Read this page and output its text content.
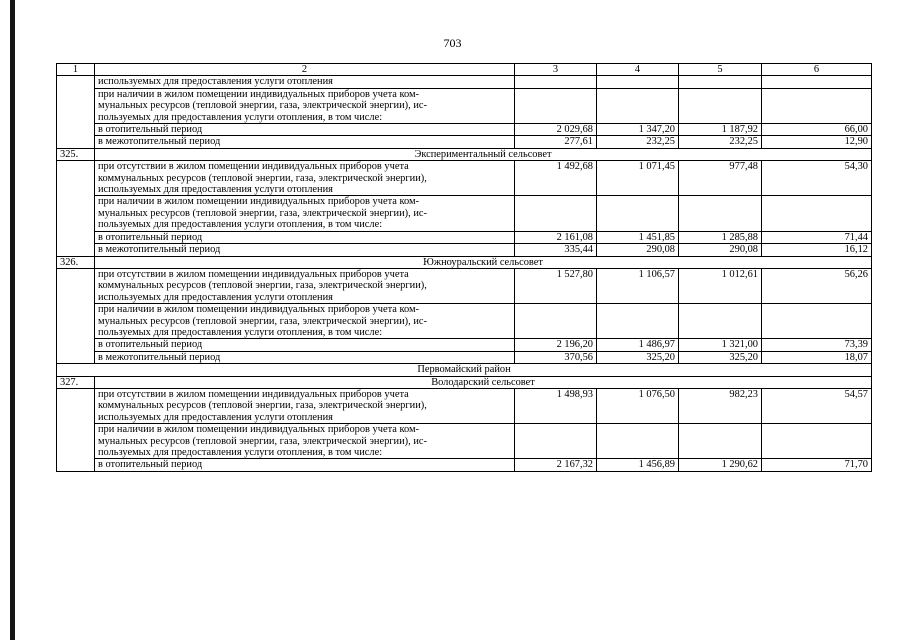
703
1	2	3	4	5	6
	используемых для предоставления услуги отопления				
	при наличии в жилом помещении индивидуальных приборов учета ком-
мунальных ресурсов (тепловой энергии, газа, электрической энергии), ис-
пользуемых для предоставления услуги отопления, в том числе:				
	в отопительный период	2 029,68	1 347,20	1 187,92	66,00
	в межотопительный период	277,61	232,25	232,25	12,90
325.	Экспериментальный сельсовет				
	при отсутствии в жилом помещении индивидуальных приборов учета
коммунальных ресурсов (тепловой энергии, газа, электрической энергии),
используемых для предоставления услуги отопления	1 492,68	1 071,45	977,48	54,30
	при наличии в жилом помещении индивидуальных приборов учета ком-
мунальных ресурсов (тепловой энергии, газа, электрической энергии), ис-
пользуемых для предоставления услуги отопления, в том числе:				
	в отопительный период	2 161,08	1 451,85	1 285,88	71,44
	в межотопительный период	335,44	290,08	290,08	16,12
326.	Южноуральский сельсовет				
	при отсутствии в жилом помещении индивидуальных приборов учета
коммунальных ресурсов (тепловой энергии, газа, электрической энергии),
используемых для предоставления услуги отопления	1 527,80	1 106,57	1 012,61	56,26
	при наличии в жилом помещении индивидуальных приборов учета ком-
мунальных ресурсов (тепловой энергии, газа, электрической энергии), ис-
пользуемых для предоставления услуги отопления, в том числе:				
	в отопительный период	2 196,20	1 486,97	1 321,00	73,39
	в межотопительный период	370,56	325,20	325,20	18,07
Первомайский район					
327.	Володарский сельсовет				
	при отсутствии в жилом помещении индивидуальных приборов учета
коммунальных ресурсов (тепловой энергии, газа, электрической энергии),
используемых для предоставления услуги отопления	1 498,93	1 076,50	982,23	54,57
	при наличии в жилом помещении индивидуальных приборов учета ком-
мунальных ресурсов (тепловой энергии, газа, электрической энергии), ис-
пользуемых для предоставления услуги отопления, в том числе:				
	в отопительный период	2 167,32	1 456,89	1 290,62	71,70
